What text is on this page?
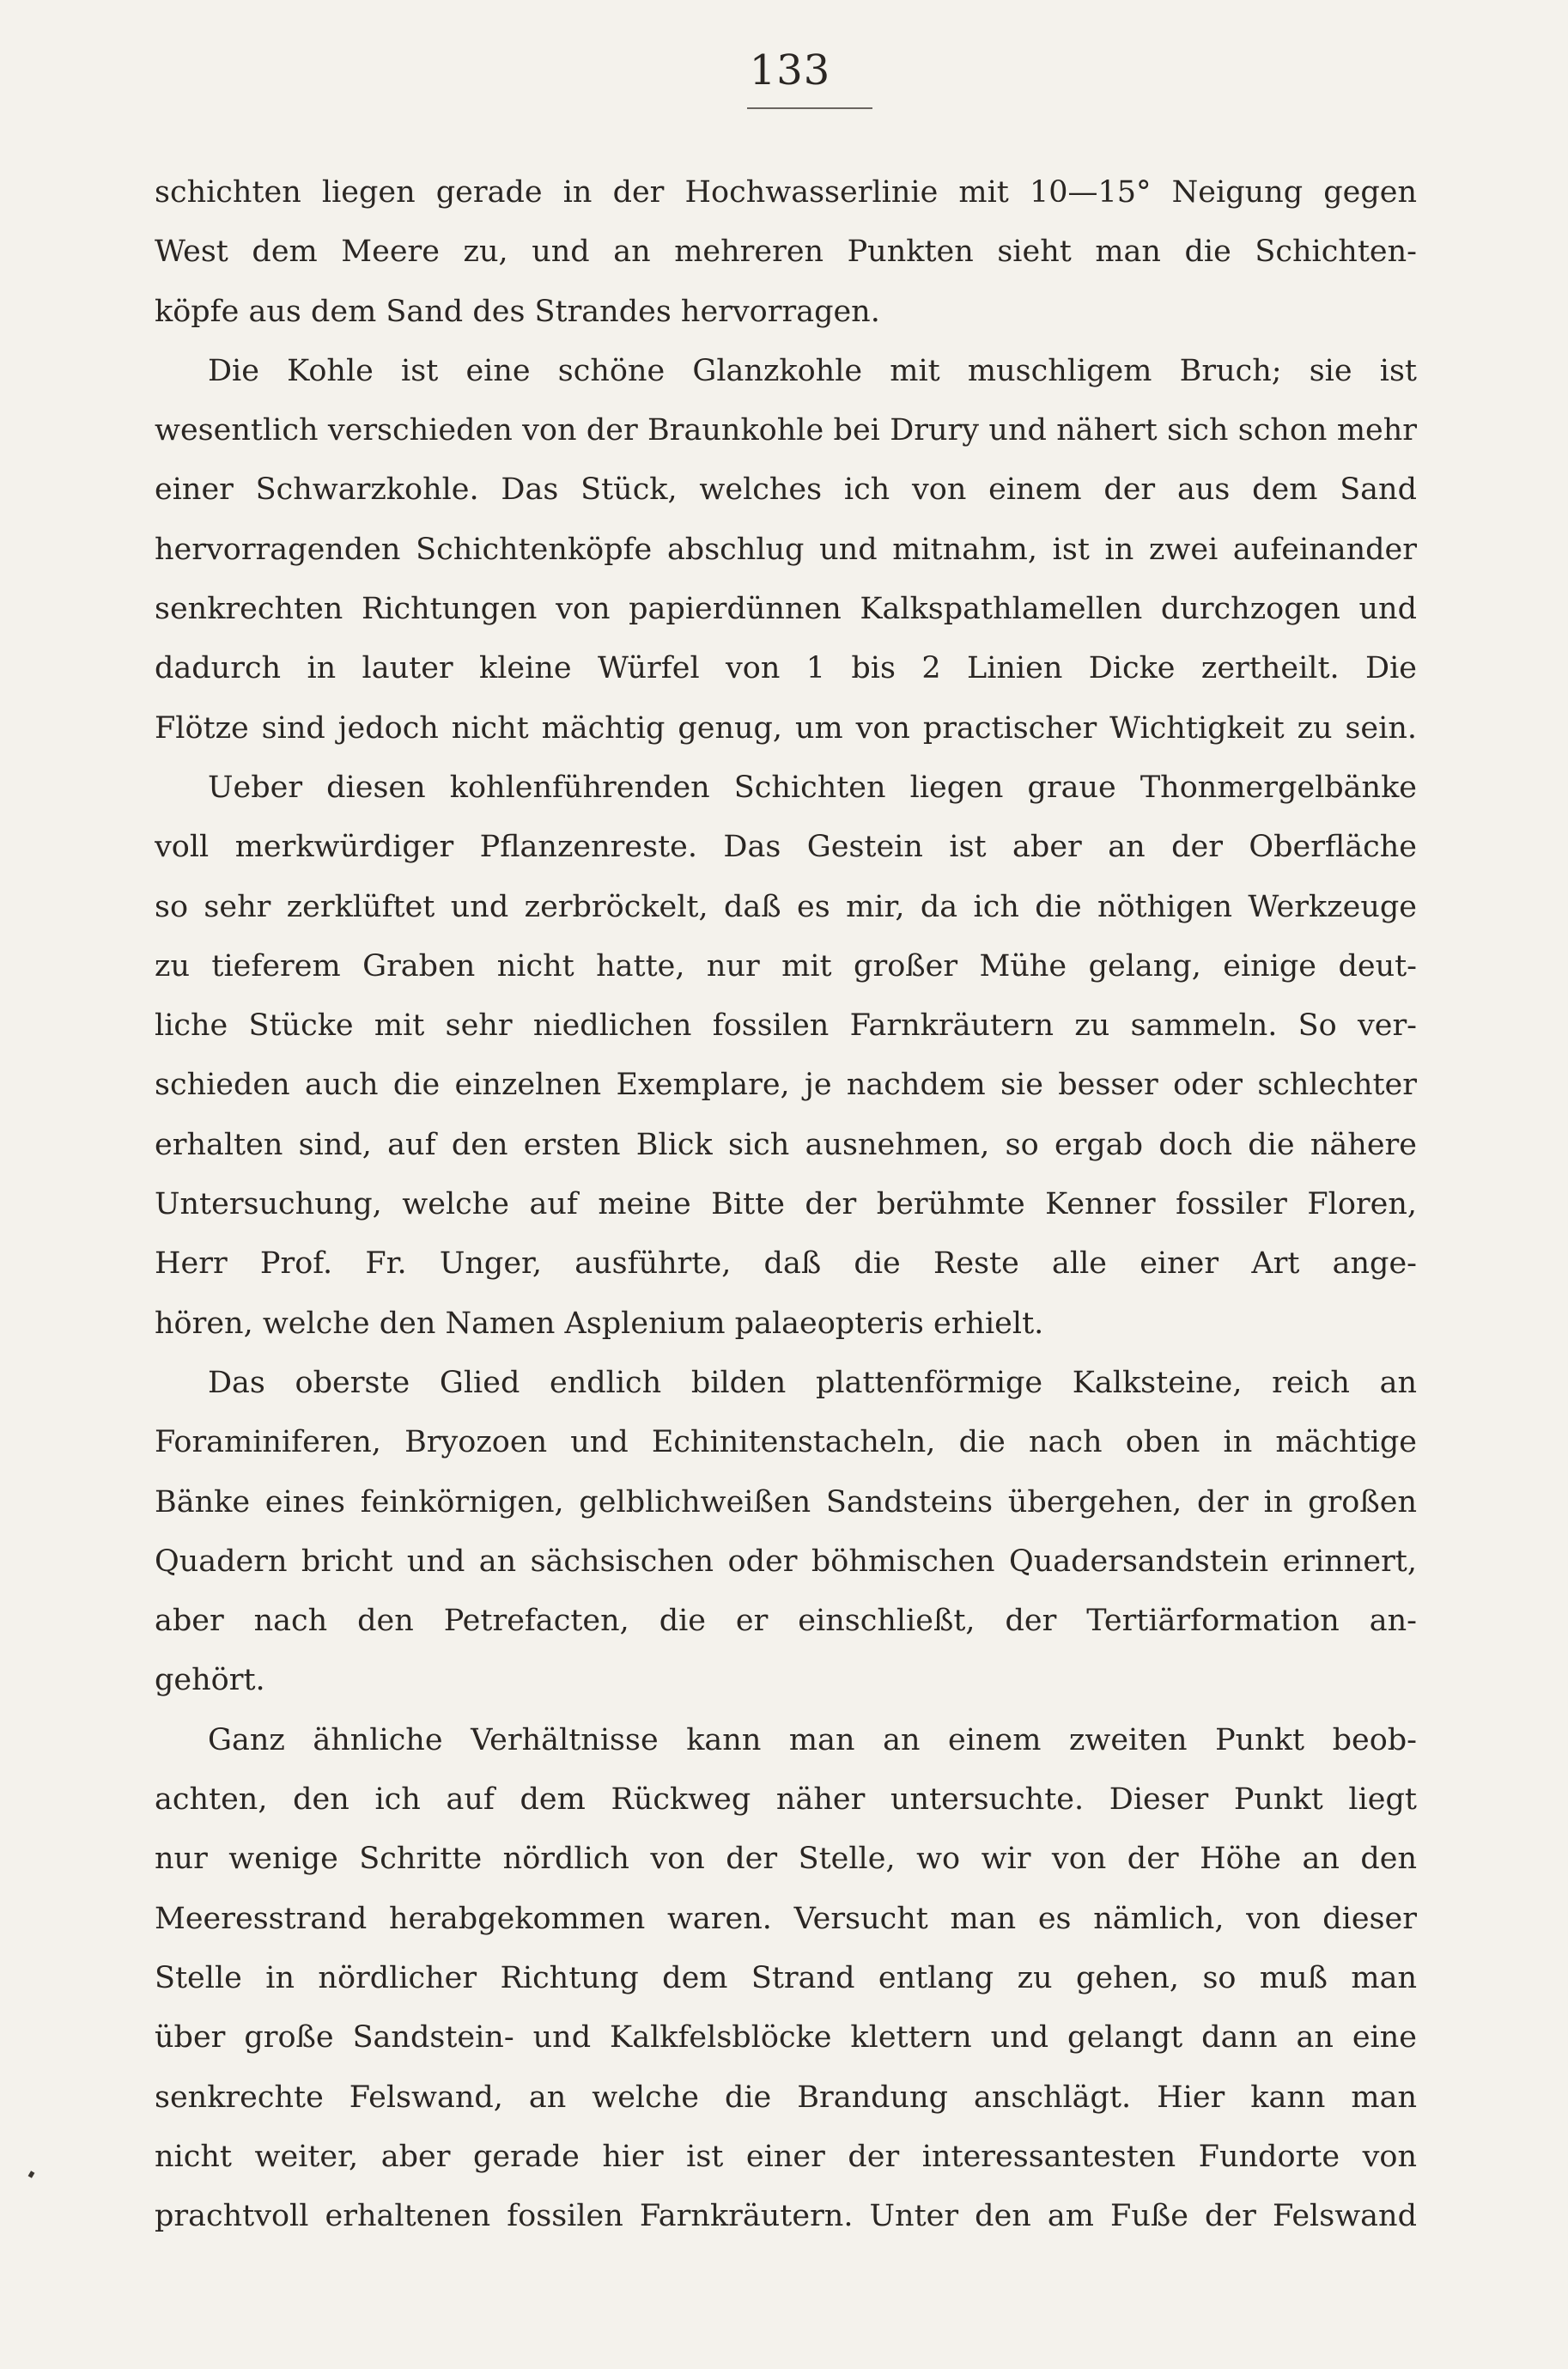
133
schichten liegen gerade in der Hochwasserlinie mit 10—15° Neigung gegen
West dem Meere zu, und an mehreren Punkten sieht man die Schichten-
köpfe aus dem Sand des Strandes hervorragen.
Die Kohle ist eine schöne Glanzkohle mit muschligem Bruch; sie ist
wesentlich verschieden von der Braunkohle bei Drury und nähert sich schon mehr
einer Schwarzkohle. Das Stück, welches ich von einem der aus dem Sand
hervorragenden Schichtenköpfe abschlug und mitnahm, ist in zwei aufeinander
senkrechten Richtungen von papierdünnen Kalkspathlamellen durchzogen und
dadurch in lauter kleine Würfel von 1 bis 2 Linien Dicke zertheilt. Die
Flötze sind jedoch nicht mächtig genug, um von practischer Wichtigkeit zu sein.
Ueber diesen kohlenführenden Schichten liegen graue Thonmergelbänke
voll merkwürdiger Pflanzenreste. Das Gestein ist aber an der Oberfläche
so sehr zerklüftet und zerbröckelt, daß es mir, da ich die nöthigen Werkzeuge
zu tieferem Graben nicht hatte, nur mit großer Mühe gelang, einige deut-
liche Stücke mit sehr niedlichen fossilen Farnkräutern zu sammeln. So ver-
schieden auch die einzelnen Exemplare, je nachdem sie besser oder schlechter
erhalten sind, auf den ersten Blick sich ausnehmen, so ergab doch die nähere
Untersuchung, welche auf meine Bitte der berühmte Kenner fossiler Floren,
Herr Prof. Fr. Unger, ausführte, daß die Reste alle einer Art ange-
hören, welche den Namen Asplenium palaeopteris erhielt.
Das oberste Glied endlich bilden plattenförmige Kalksteine, reich an
Foraminiferen, Bryozoen und Echinitenstacheln, die nach oben in mächtige
Bänke eines feinkörnigen, gelblichweißen Sandsteins übergehen, der in großen
Quadern bricht und an sächsischen oder böhmischen Quadersandstein erinnert,
aber nach den Petrefacten, die er einschließt, der Tertiärformation an-
gehört.
Ganz ähnliche Verhältnisse kann man an einem zweiten Punkt beob-
achten, den ich auf dem Rückweg näher untersuchte. Dieser Punkt liegt
nur wenige Schritte nördlich von der Stelle, wo wir von der Höhe an den
Meeresstrand herabgekommen waren. Versucht man es nämlich, von dieser
Stelle in nördlicher Richtung dem Strand entlang zu gehen, so muß man
über große Sandstein- und Kalkfelsblöcke klettern und gelangt dann an eine
senkrechte Felswand, an welche die Brandung anschlägt. Hier kann man
nicht weiter, aber gerade hier ist einer der interessantesten Fundorte von
prachtvoll erhaltenen fossilen Farnkräutern. Unter den am Fuße der Felswand
